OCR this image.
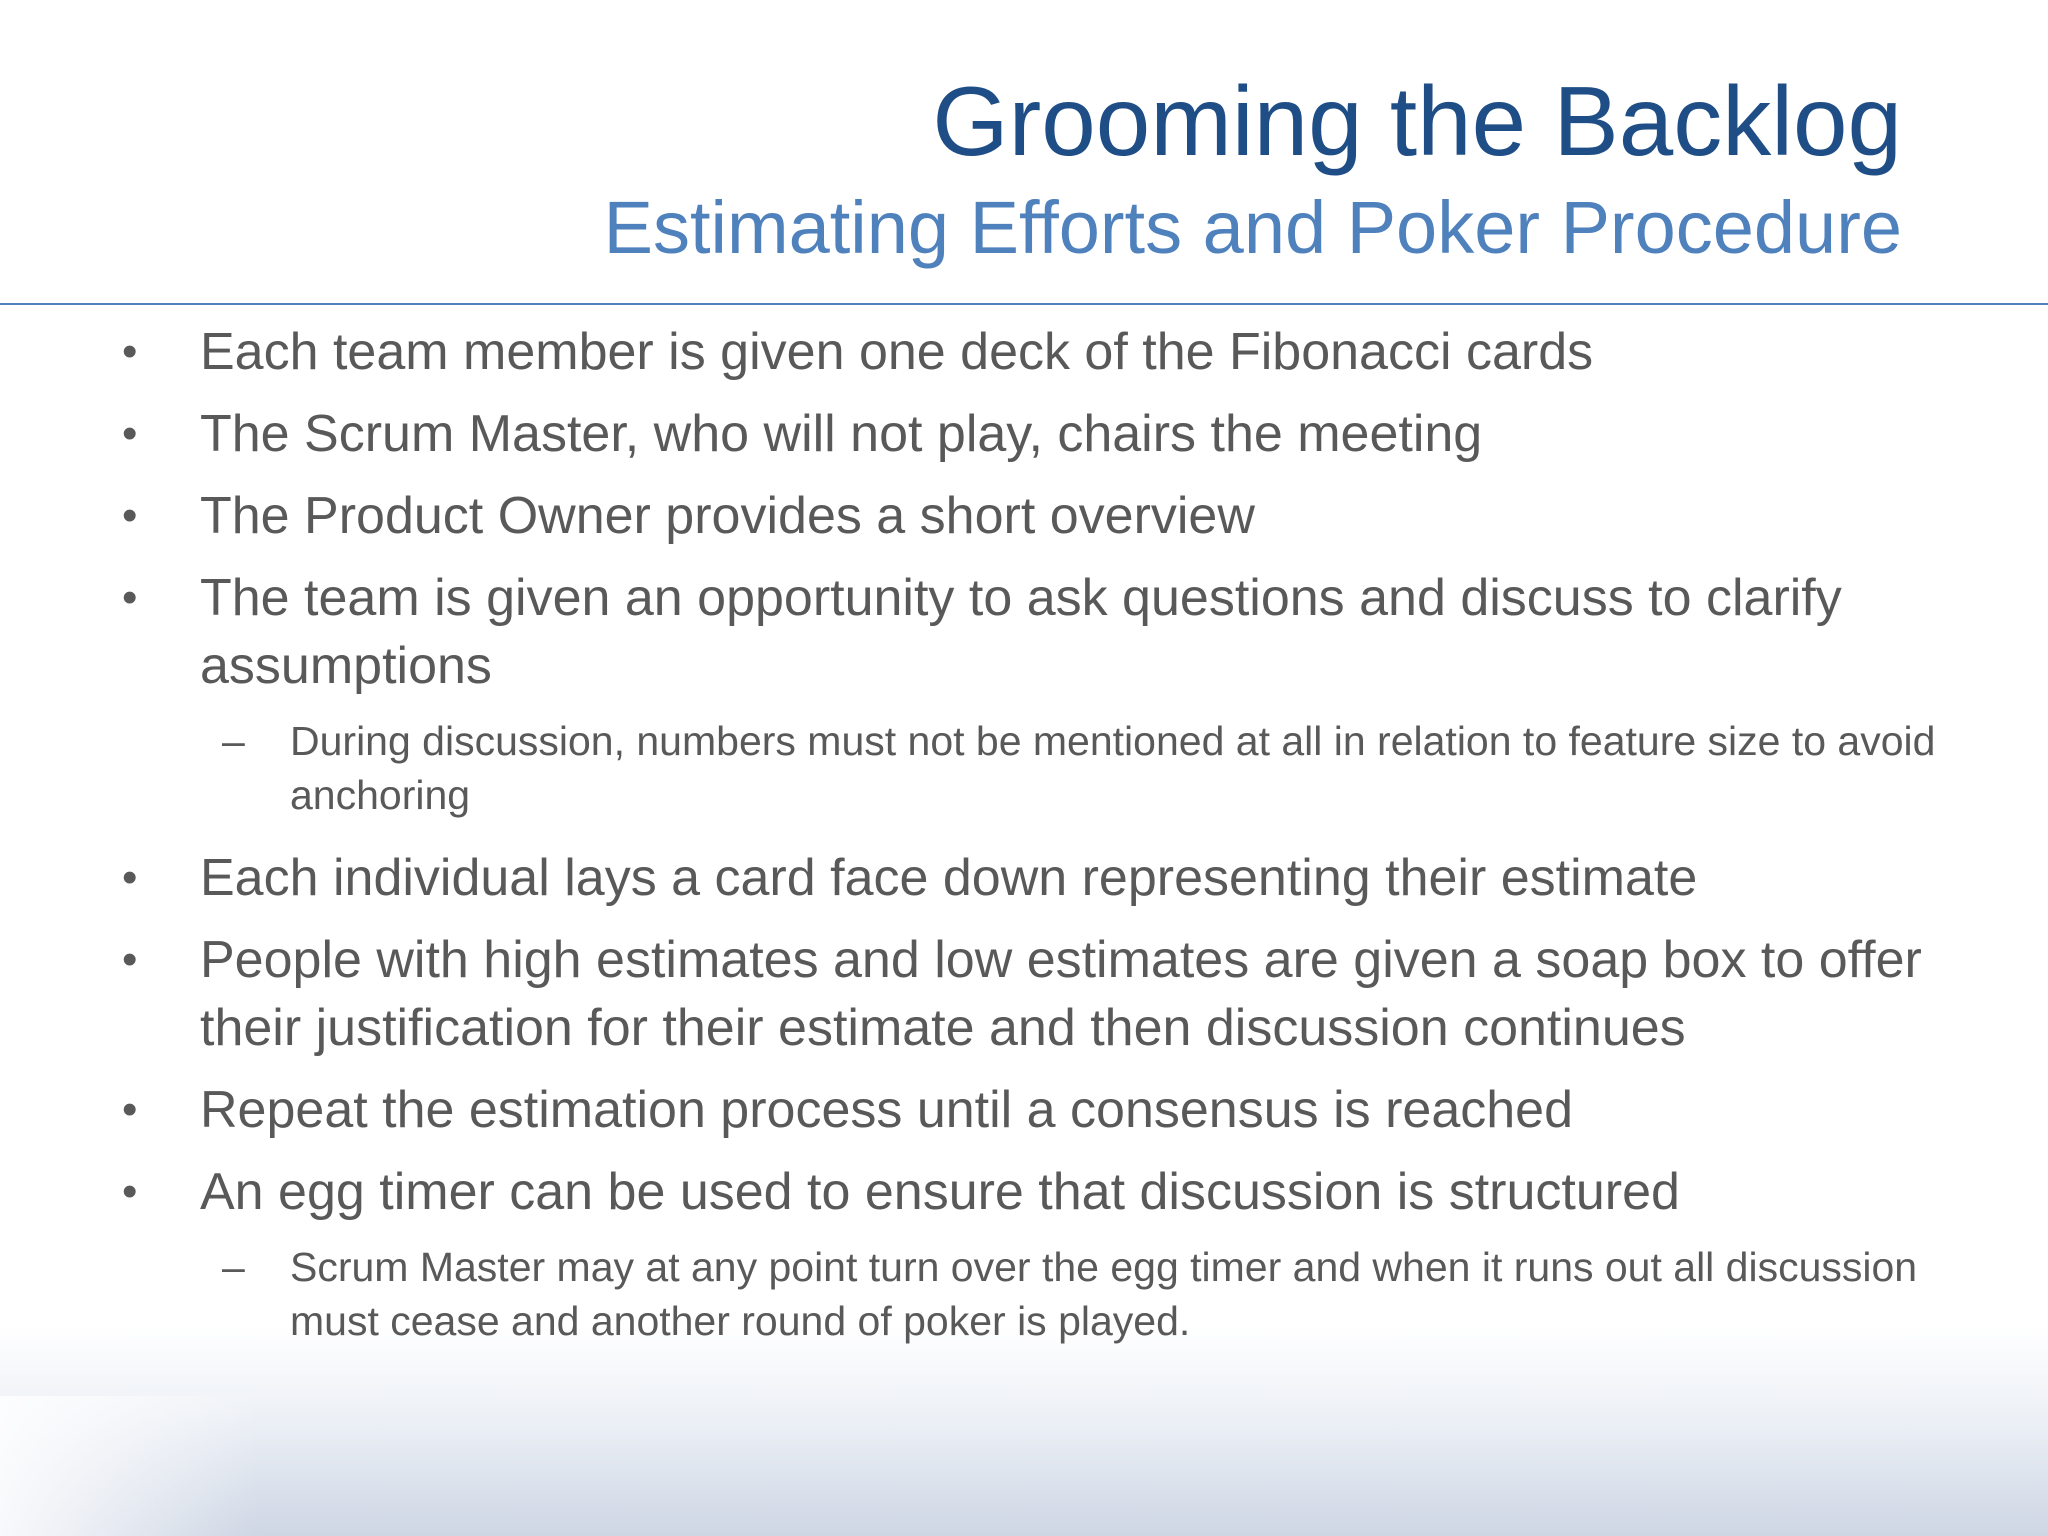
Grooming the Backlog
Estimating Efforts and Poker Procedure

• Each team member is given one deck of the Fibonacci cards

• The Scrum Master, who will not play, chairs the meeting

• The Product Owner provides a short overview

• The team is given an opportunity to ask questions and discuss to clarify assumptions

–	During discussion, numbers must not be mentioned at all in relation to feature size to avoid anchoring

• Each individual lays a card face down representing their estimate

• People with high estimates and low estimates are given a soap box to offer their justification for their estimate and then discussion continues

• Repeat the estimation process until a consensus is reached

• An egg timer can be used to ensure that discussion is structured

–	Scrum Master may at any point turn over the egg timer and when it runs out all discussion must cease and another round of poker is played.
